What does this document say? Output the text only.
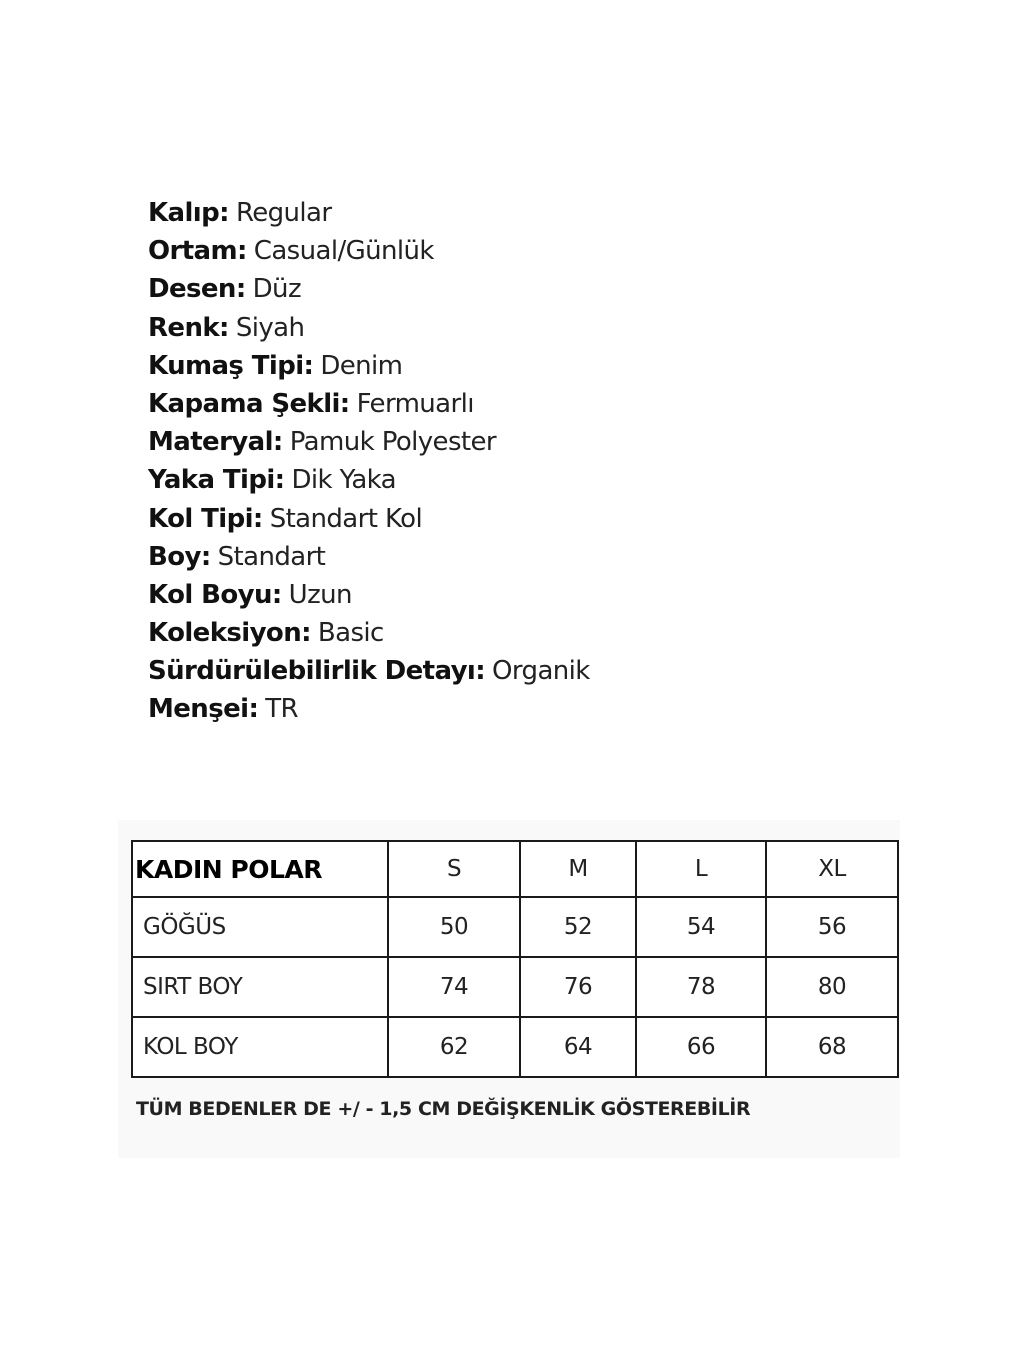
Kalıp: Regular
Ortam: Casual/Günlük
Desen: Düz
Renk: Siyah
Kumaş Tipi: Denim
Kapama Şekli: Fermuarlı
Materyal: Pamuk Polyester
Yaka Tipi: Dik Yaka
Kol Tipi: Standart Kol
Boy: Standart
Kol Boyu: Uzun
Koleksiyon: Basic
Sürdürülebilirlik Detayı: Organik
Menşei: TR
KADIN POLAR	S	M	L	XL
GÖĞÜS	50	52	54	56
SIRT BOY	74	76	78	80
KOL BOY	62	64	66	68
TÜM BEDENLER DE +/ - 1,5 CM DEĞİŞKENLİK GÖSTEREBİLİR
